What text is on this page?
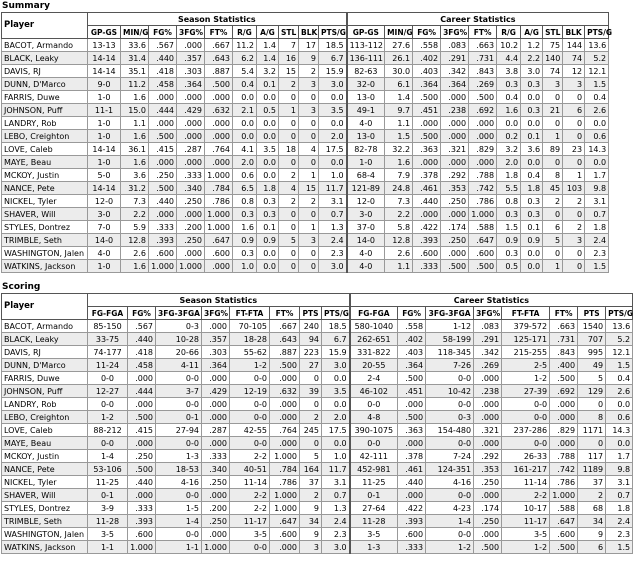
Summary
Player	Season Statistics										Career Statistics									
	GP-GS	MIN/G	FG%	3FG%	FT%	R/G	A/G	STL	BLK	PTS/G	GP-GS	MIN/G	FG%	3FG%	FT%	R/G	A/G	STL	BLK	PTS/G
BACOT, Armando	13-13	33.6	.567	.000	.667	11.2	1.4	7	17	18.5	113-112	27.6	.558	.083	.663	10.2	1.2	75	144	13.6
BLACK, Leaky	14-14	31.4	.440	.357	.643	6.2	1.4	16	9	6.7	136-111	26.1	.402	.291	.731	4.4	2.2	140	74	5.2
DAVIS, RJ	14-14	35.1	.418	.303	.887	5.4	3.2	15	2	15.9	82-63	30.0	.403	.342	.843	3.8	3.0	74	12	12.1
DUNN, D'Marco	9-0	11.2	.458	.364	.500	0.4	0.1	2	3	3.0	32-0	6.1	.364	.364	.269	0.3	0.3	3	3	1.5
FARRIS, Duwe	1-0	1.6	.000	.000	.000	0.0	0.0	0	0	0.0	13-0	1.4	.500	.000	.500	0.4	0.0	0	0	0.4
JOHNSON, Puff	11-1	15.0	.444	.429	.632	2.1	0.5	1	3	3.5	49-1	9.7	.451	.238	.692	1.6	0.3	21	6	2.6
LANDRY, Rob	1-0	1.1	.000	.000	.000	0.0	0.0	0	0	0.0	4-0	1.1	.000	.000	.000	0.0	0.0	0	0	0.0
LEBO, Creighton	1-0	1.6	.500	.000	.000	0.0	0.0	0	0	2.0	13-0	1.5	.500	.000	.000	0.2	0.1	1	0	0.6
LOVE, Caleb	14-14	36.1	.415	.287	.764	4.1	3.5	18	4	17.5	82-78	32.2	.363	.321	.829	3.2	3.6	89	23	14.3
MAYE, Beau	1-0	1.6	.000	.000	.000	2.0	0.0	0	0	0.0	1-0	1.6	.000	.000	.000	2.0	0.0	0	0	0.0
MCKOY, Justin	5-0	3.6	.250	.333	1.000	0.6	0.0	2	1	1.0	68-4	7.9	.378	.292	.788	1.8	0.4	8	1	1.7
NANCE, Pete	14-14	31.2	.500	.340	.784	6.5	1.8	4	15	11.7	121-89	24.8	.461	.353	.742	5.5	1.8	45	103	9.8
NICKEL, Tyler	12-0	7.3	.440	.250	.786	0.8	0.3	2	2	3.1	12-0	7.3	.440	.250	.786	0.8	0.3	2	2	3.1
SHAVER, Will	3-0	2.2	.000	.000	1.000	0.3	0.3	0	0	0.7	3-0	2.2	.000	.000	1.000	0.3	0.3	0	0	0.7
STYLES, Dontrez	7-0	5.9	.333	.200	1.000	1.6	0.1	0	1	1.3	37-0	5.8	.422	.174	.588	1.5	0.1	6	2	1.8
TRIMBLE, Seth	14-0	12.8	.393	.250	.647	0.9	0.9	5	3	2.4	14-0	12.8	.393	.250	.647	0.9	0.9	5	3	2.4
WASHINGTON, Jalen	4-0	2.6	.600	.000	.600	0.3	0.0	0	0	2.3	4-0	2.6	.600	.000	.600	0.3	0.0	0	0	2.3
WATKINS, Jackson	1-0	1.6	1.000	1.000	.000	1.0	0.0	0	0	3.0	4-0	1.1	.333	.500	.500	0.5	0.0	1	0	1.5
Scoring
Player	Season Statistics								Career Statistics							
	FG-FGA	FG%	3FG-3FGA	3FG%	FT-FTA	FT%	PTS	PTS/G	FG-FGA	FG%	3FG-3FGA	3FG%	FT-FTA	FT%	PTS	PTS/G
BACOT, Armando	85-150	.567	0-3	.000	70-105	.667	240	18.5	580-1040	.558	1-12	.083	379-572	.663	1540	13.6
BLACK, Leaky	33-75	.440	10-28	.357	18-28	.643	94	6.7	262-651	.402	58-199	.291	125-171	.731	707	5.2
DAVIS, RJ	74-177	.418	20-66	.303	55-62	.887	223	15.9	331-822	.403	118-345	.342	215-255	.843	995	12.1
DUNN, D'Marco	11-24	.458	4-11	.364	1-2	.500	27	3.0	20-55	.364	7-26	.269	2-5	.400	49	1.5
FARRIS, Duwe	0-0	.000	0-0	.000	0-0	.000	0	0.0	2-4	.500	0-0	.000	1-2	.500	5	0.4
JOHNSON, Puff	12-27	.444	3-7	.429	12-19	.632	39	3.5	46-102	.451	10-42	.238	27-39	.692	129	2.6
LANDRY, Rob	0-0	.000	0-0	.000	0-0	.000	0	0.0	0-0	.000	0-0	.000	0-0	.000	0	0.0
LEBO, Creighton	1-2	.500	0-1	.000	0-0	.000	2	2.0	4-8	.500	0-3	.000	0-0	.000	8	0.6
LOVE, Caleb	88-212	.415	27-94	.287	42-55	.764	245	17.5	390-1075	.363	154-480	.321	237-286	.829	1171	14.3
MAYE, Beau	0-0	.000	0-0	.000	0-0	.000	0	0.0	0-0	.000	0-0	.000	0-0	.000	0	0.0
MCKOY, Justin	1-4	.250	1-3	.333	2-2	1.000	5	1.0	42-111	.378	7-24	.292	26-33	.788	117	1.7
NANCE, Pete	53-106	.500	18-53	.340	40-51	.784	164	11.7	452-981	.461	124-351	.353	161-217	.742	1189	9.8
NICKEL, Tyler	11-25	.440	4-16	.250	11-14	.786	37	3.1	11-25	.440	4-16	.250	11-14	.786	37	3.1
SHAVER, Will	0-1	.000	0-0	.000	2-2	1.000	2	0.7	0-1	.000	0-0	.000	2-2	1.000	2	0.7
STYLES, Dontrez	3-9	.333	1-5	.200	2-2	1.000	9	1.3	27-64	.422	4-23	.174	10-17	.588	68	1.8
TRIMBLE, Seth	11-28	.393	1-4	.250	11-17	.647	34	2.4	11-28	.393	1-4	.250	11-17	.647	34	2.4
WASHINGTON, Jalen	3-5	.600	0-0	.000	3-5	.600	9	2.3	3-5	.600	0-0	.000	3-5	.600	9	2.3
WATKINS, Jackson	1-1	1.000	1-1	1.000	0-0	.000	3	3.0	1-3	.333	1-2	.500	1-2	.500	6	1.5
